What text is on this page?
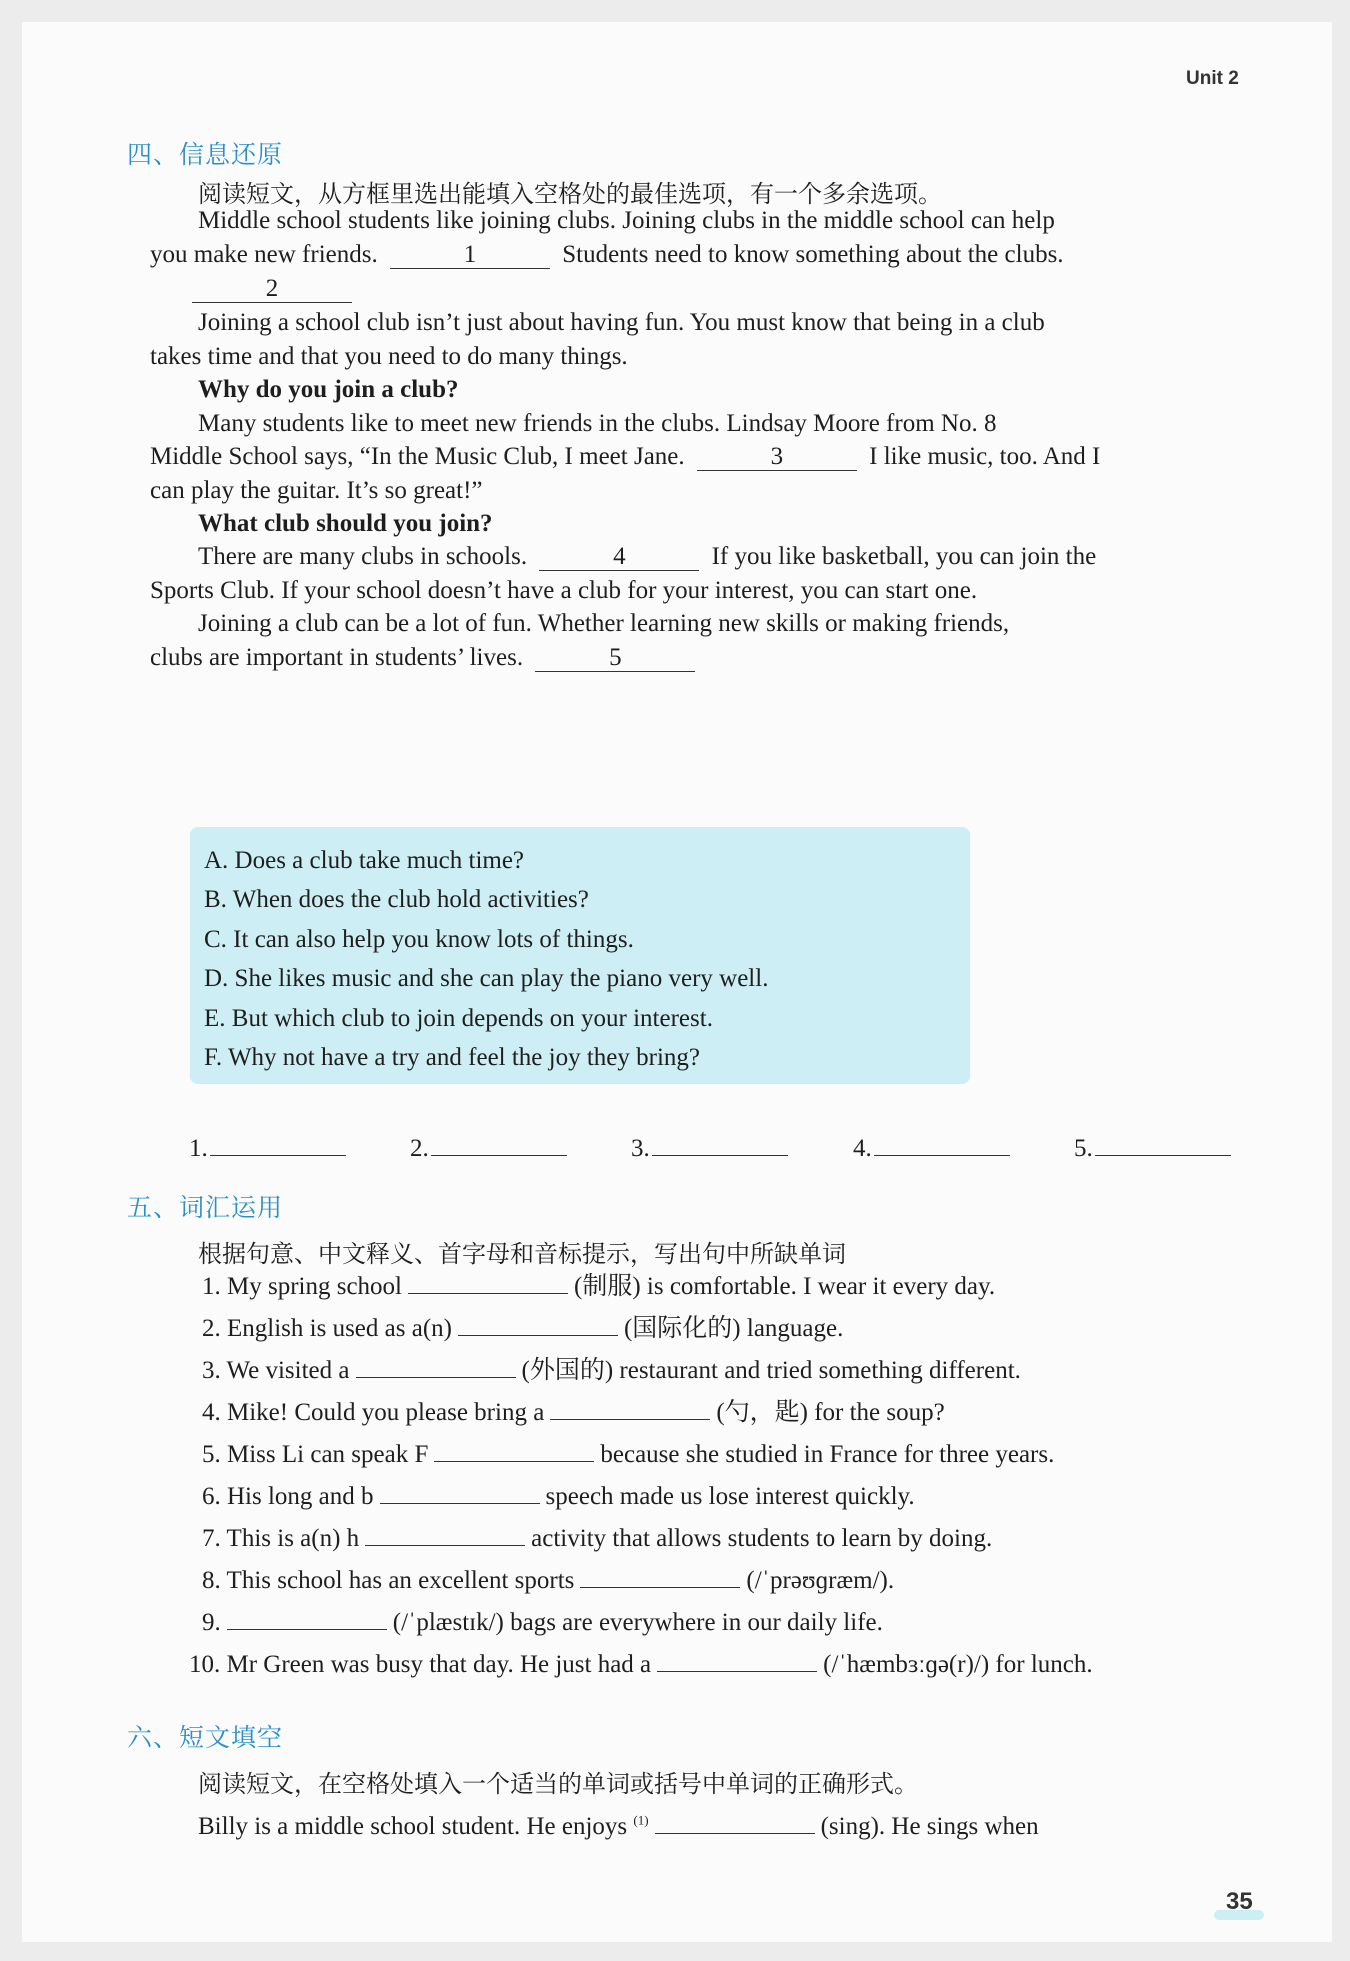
Unit 2
四、信息还原
阅读短文，从方框里选出能填入空格处的最佳选项，有一个多余选项。
Middle school students like joining clubs. Joining clubs in the middle school can help
you make new friends.	1	Students need to know something about the clubs.
2
Joining a school club isn’t just about having fun. You must know that being in a club
takes time and that you need to do many things.
Why do you join a club?
Many students like to meet new friends in the clubs. Lindsay Moore from No. 8
Middle School says, “In the Music Club, I meet Jane.	3	I like music, too. And I
can play the guitar. It’s so great!”
What club should you join?
There are many clubs in schools.	4	If you like basketball, you can join the
Sports Club. If your school doesn’t have a club for your interest, you can start one.
Joining a club can be a lot of fun. Whether learning new skills or making friends,
clubs are important in students’ lives.	5
A. Does a club take much time?
B. When does the club hold activities?
C. It can also help you know lots of things.
D. She likes music and she can play the piano very well.
E. But which club to join depends on your interest.
F. Why not have a try and feel the joy they bring?
1.	2.	3.	4.	5.
五、词汇运用
根据句意、中文释义、首字母和音标提示，写出句中所缺单词
1. My spring school	(制服) is comfortable. I wear it every day.
2. English is used as a(n)	(国际化的) language.
3. We visited a	(外国的) restaurant and tried something different.
4. Mike! Could you please bring a	(勺，匙) for the soup?
5. Miss Li can speak F	because she studied in France for three years.
6. His long and b	speech made us lose interest quickly.
7. This is a(n) h	activity that allows students to learn by doing.
8. This school has an excellent sports	(/ˈprəʊɡræm/).
9.	(/ˈplæstɪk/) bags are everywhere in our daily life.
10. Mr Green was busy that day. He just had a	(/ˈhæmbɜːɡə(r)/) for lunch.
六、短文填空
阅读短文，在空格处填入一个适当的单词或括号中单词的正确形式。
Billy is a middle school student. He enjoys $^{(1)}$	(sing). He sings when
35
